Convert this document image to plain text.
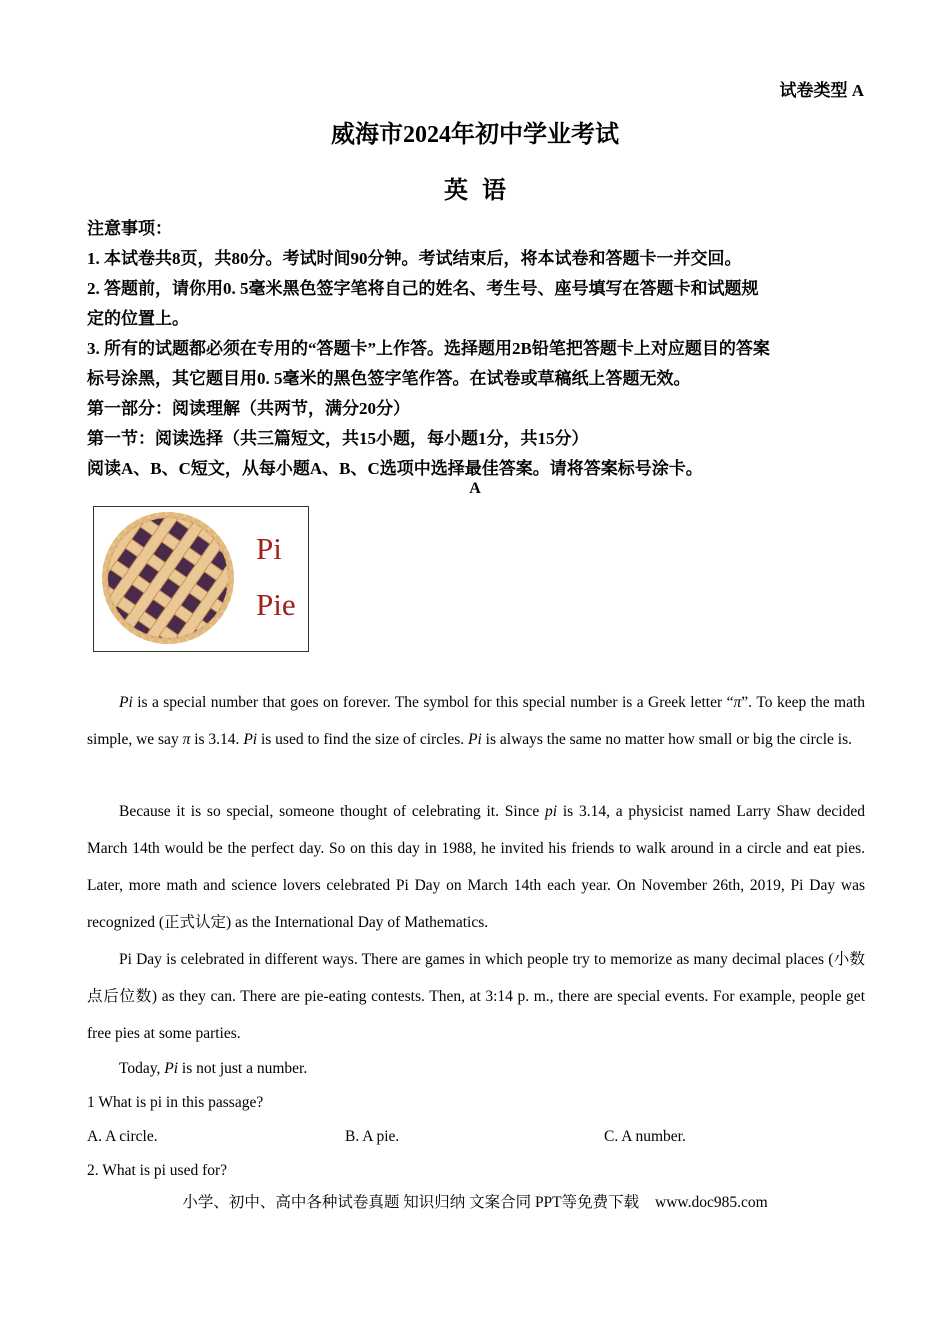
试卷类型 A
威海市2024年初中学业考试
英语
注意事项：
1. 本试卷共8页，共80分。考试时间90分钟。考试结束后，将本试卷和答题卡一并交回。
2. 答题前，请你用0. 5毫米黑色签字笔将自己的姓名、考生号、座号填写在答题卡和试题规
定的位置上。
3. 所有的试题都必须在专用的“答题卡”上作答。选择题用2B铅笔把答题卡上对应题目的答案
标号涂黑，其它题目用0. 5毫米的黑色签字笔作答。在试卷或草稿纸上答题无效。
第一部分：阅读理解（共两节，满分20分）
第一节：阅读选择（共三篇短文，共15小题，每小题1分，共15分）
阅读A、B、C短文，从每小题A、B、C选项中选择最佳答案。请将答案标号涂卡。
A
Pi
Pie
Pi is a special number that goes on forever. The symbol for this special number is a Greek letter “π”. To keep the math simple, we say π is 3.14. Pi is used to find the size of circles. Pi is always the same no matter how small or big the circle is.
Because it is so special, someone thought of celebrating it. Since pi is 3.14, a physicist named Larry Shaw decided March 14th would be the perfect day. So on this day in 1988, he invited his friends to walk around in a circle and eat pies. Later, more math and science lovers celebrated Pi Day on March 14th each year. On November 26th, 2019, Pi Day was recognized (正式认定) as the International Day of Mathematics.
Pi Day is celebrated in different ways. There are games in which people try to memorize as many decimal places (小数点后位数) as they can. There are pie-eating contests. Then, at 3:14 p. m., there are special events. For example, people get free pies at some parties.
Today, Pi is not just a number.
1 What is pi in this passage?
A. A circle.	B. A pie.	C. A number.
2. What is pi used for?
小学、初中、高中各种试卷真题 知识归纳 文案合同 PPT等免费下载 www.doc985.com
